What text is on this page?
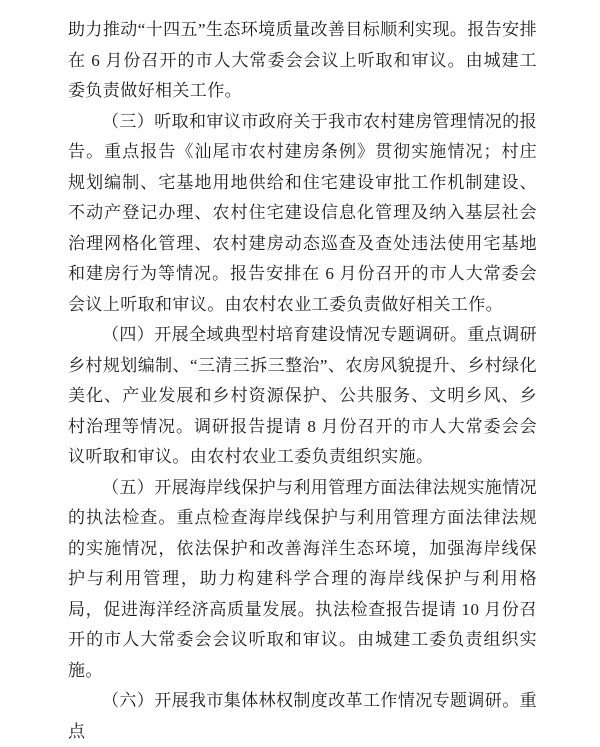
助力推动“十四五”生态环境质量改善目标顺利实现。报告安排在 6 月份召开的市人大常委会会议上听取和审议。由城建工委负责做好相关工作。

（三）听取和审议市政府关于我市农村建房管理情况的报告。重点报告《汕尾市农村建房条例》贯彻实施情况；村庄规划编制、宅基地用地供给和住宅建设审批工作机制建设、不动产登记办理、农村住宅建设信息化管理及纳入基层社会治理网格化管理、农村建房动态巡查及查处违法使用宅基地和建房行为等情况。报告安排在 6 月份召开的市人大常委会会议上听取和审议。由农村农业工委负责做好相关工作。

（四）开展全域典型村培育建设情况专题调研。重点调研乡村规划编制、“三清三拆三整治”、农房风貌提升、乡村绿化美化、产业发展和乡村资源保护、公共服务、文明乡风、乡村治理等情况。调研报告提请 8 月份召开的市人大常委会会议听取和审议。由农村农业工委负责组织实施。

（五）开展海岸线保护与利用管理方面法律法规实施情况的执法检查。重点检查海岸线保护与利用管理方面法律法规的实施情况，依法保护和改善海洋生态环境，加强海岸线保护与利用管理，助力构建科学合理的海岸线保护与利用格局，促进海洋经济高质量发展。执法检查报告提请 10 月份召开的市人大常委会会议听取和审议。由城建工委负责组织实施。

（六）开展我市集体林权制度改革工作情况专题调研。重点
